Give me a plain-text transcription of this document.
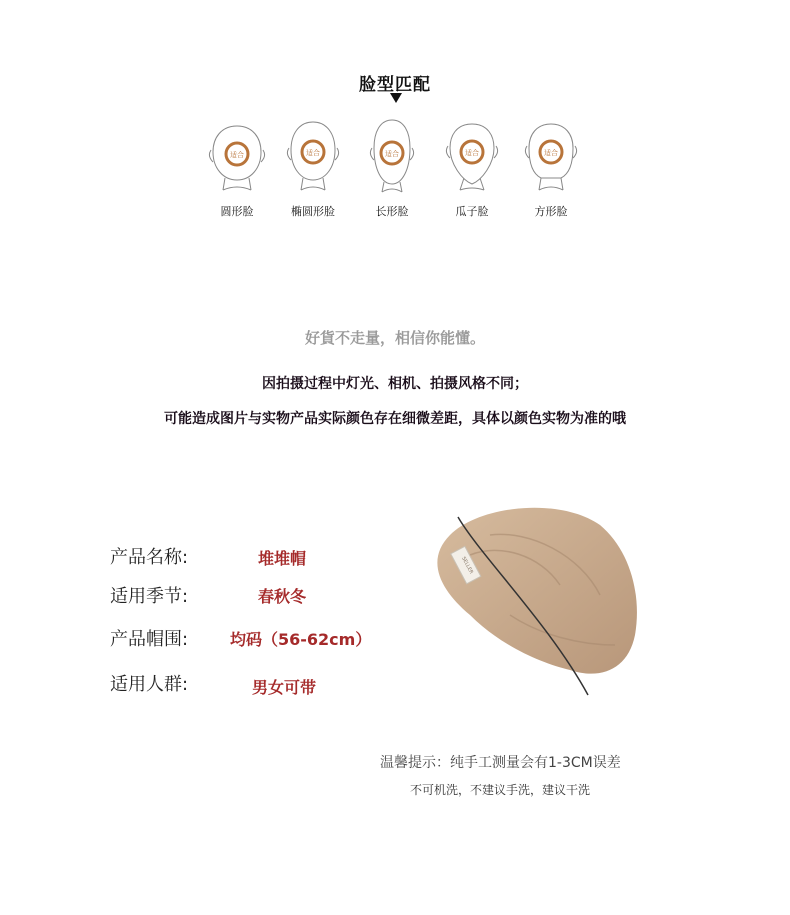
脸型匹配
适合
圆形脸
适合
椭圆形脸
适合
长形脸
适合
瓜子脸
适合
方形脸
好貨不走量，相信你能懂。
因拍摄过程中灯光、相机、拍摄风格不同；
可能造成图片与实物产品实际颜色存在细微差距，具体以颜色实物为准的哦
产品名称:	堆堆帽
适用季节:	春秋冬
产品帽围:	均码（56-62cm）
适用人群:	男女可带
SELLER
温馨提示：纯手工测量会有1-3CM误差
不可机洗，不建议手洗，建议干洗
